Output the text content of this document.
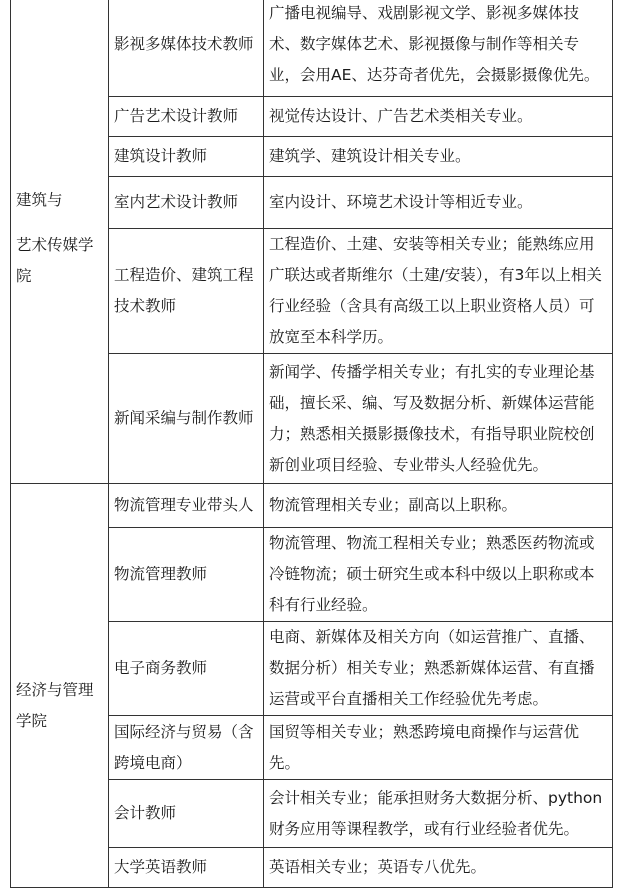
建筑与
艺术传媒学院	影视多媒体技术教师	广播电视编导、戏剧影视文学、影视多媒体技术、数字媒体艺术、影视摄像与制作等相关专业，会用AE、达芬奇者优先，会摄影摄像优先。
	广告艺术设计教师	视觉传达设计、广告艺术类相关专业。
	建筑设计教师	建筑学、建筑设计相关专业。
	室内艺术设计教师	室内设计、环境艺术设计等相近专业。
	工程造价、建筑工程技术教师	工程造价、土建、安装等相关专业；能熟练应用广联达或者斯维尔（土建/安装），有3年以上相关行业经验（含具有高级工以上职业资格人员）可放宽至本科学历。
	新闻采编与制作教师	新闻学、传播学相关专业；有扎实的专业理论基础，擅长采、编、写及数据分析、新媒体运营能力；熟悉相关摄影摄像技术，有指导职业院校创新创业项目经验、专业带头人经验优先。
经济与管理学院	物流管理专业带头人	物流管理相关专业；副高以上职称。
	物流管理教师	物流管理、物流工程相关专业；熟悉医药物流或冷链物流；硕士研究生或本科中级以上职称或本科有行业经验。
	电子商务教师	电商、新媒体及相关方向（如运营推广、直播、数据分析）相关专业；熟悉新媒体运营、有直播运营或平台直播相关工作经验优先考虑。
	国际经济与贸易（含跨境电商）	国贸等相关专业；熟悉跨境电商操作与运营优先。
	会计教师	会计相关专业；能承担财务大数据分析、python财务应用等课程教学，或有行业经验者优先。
	大学英语教师	英语相关专业；英语专八优先。
